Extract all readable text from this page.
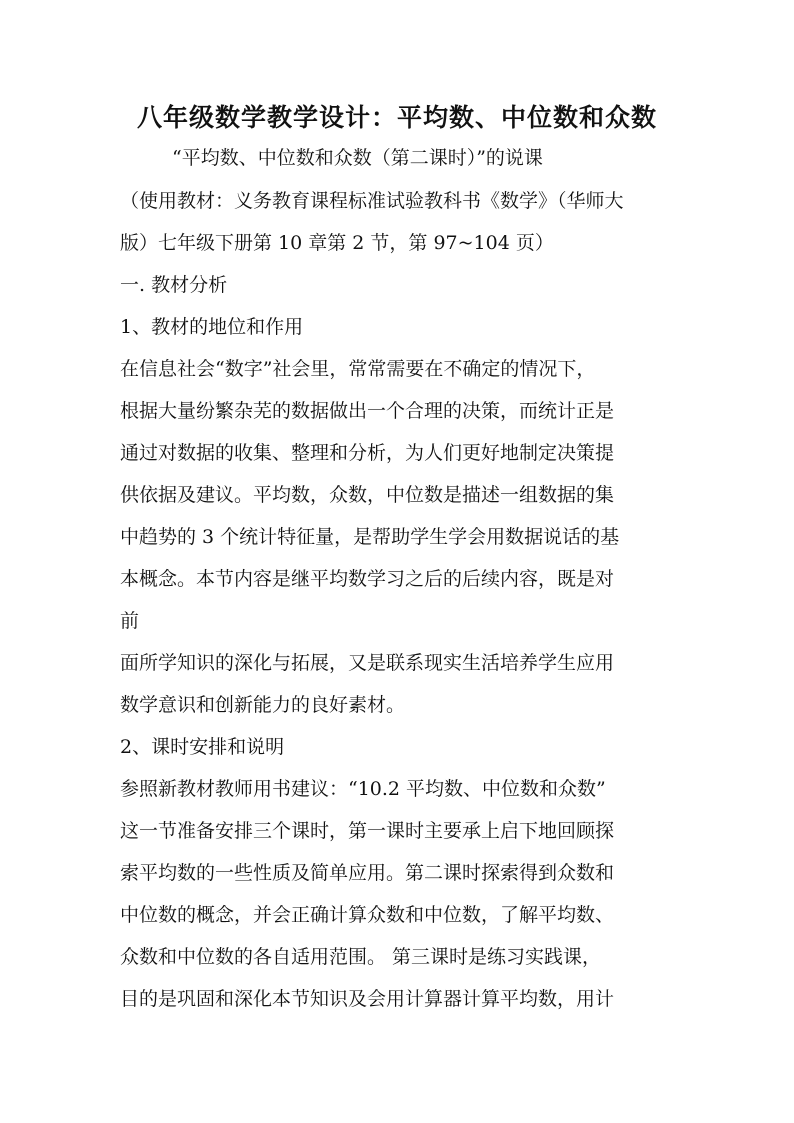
八年级数学教学设计：平均数、中位数和众数

“平均数、中位数和众数（第二课时）”的说课

（使用教材：义务教育课程标准试验教科书《数学》（华师大

版）七年级下册第 10 章第 2 节，第 97~104 页）

一. 教材分析

1、教材的地位和作用

在信息社会“数字”社会里，常常需要在不确定的情况下，

根据大量纷繁杂芜的数据做出一个合理的决策，而统计正是

通过对数据的收集、整理和分析，为人们更好地制定决策提

供依据及建议。平均数，众数，中位数是描述一组数据的集

中趋势的 3 个统计特征量，是帮助学生学会用数据说话的基

本概念。本节内容是继平均数学习之后的后续内容，既是对

前

面所学知识的深化与拓展，又是联系现实生活培养学生应用

数学意识和创新能力的良好素材。

2、课时安排和说明

参照新教材教师用书建议：“10.2 平均数、中位数和众数”

这一节准备安排三个课时，第一课时主要承上启下地回顾探

索平均数的一些性质及简单应用。第二课时探索得到众数和

中位数的概念，并会正确计算众数和中位数，了解平均数、

众数和中位数的各自适用范围。 第三课时是练习实践课，

目的是巩固和深化本节知识及会用计算器计算平均数，用计
